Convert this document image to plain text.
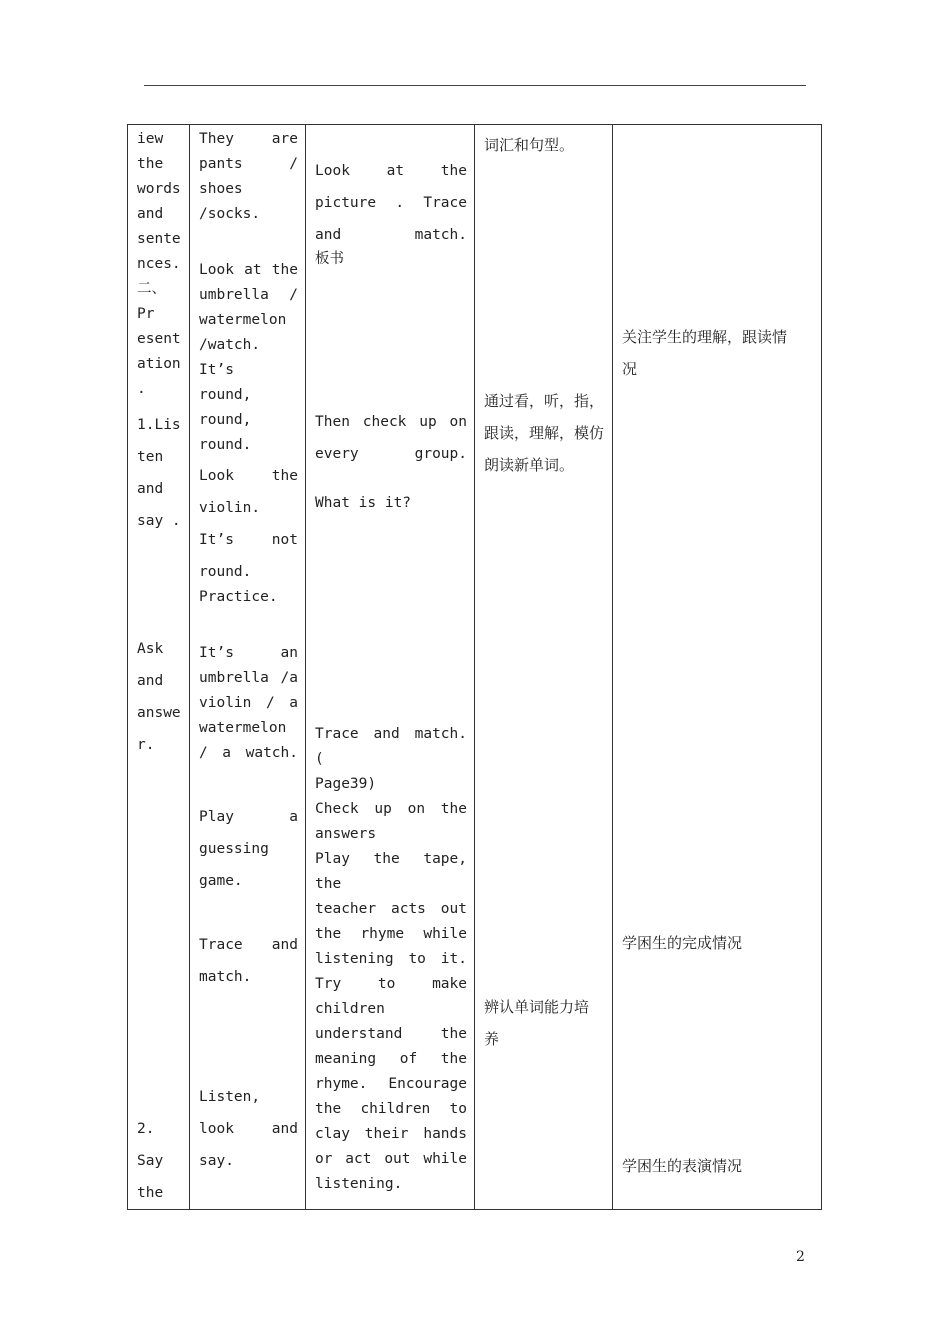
iew
the
words
and
sente
nces.
二、Pr
esent
ation
.

1.Lis
ten
and
say .

Ask
and
answe
r.

2.
Say
the

They are
pants /
shoes
/socks.

Look at the
umbrella /
watermelon
/watch.
It’s
round,
round,
round.

Look the
violin.
It’s not
round.

Practice.

It’s an
umbrella /a
violin / a
watermelon
/ a watch.

Play a
guessing
game.

Trace and
match.

Listen,

look and
say.

Look at the
picture . Trace
and match.

板书

Then check up on
every group.

What is it?

Trace and match. (
Page39)
Check up on the
answers
Play the tape, the
teacher acts out
the rhyme while
listening to it.
Try to make
children
understand the
meaning of the
rhyme. Encourage
the children to
clay their hands
or act out while
listening.

词汇和句型。

通过看，听，指，
跟读，理解，模仿
朗读新单词。

辨认单词能力培
养

关注学生的理解，跟读情
况

学困生的完成情况

学困生的表演情况

2
